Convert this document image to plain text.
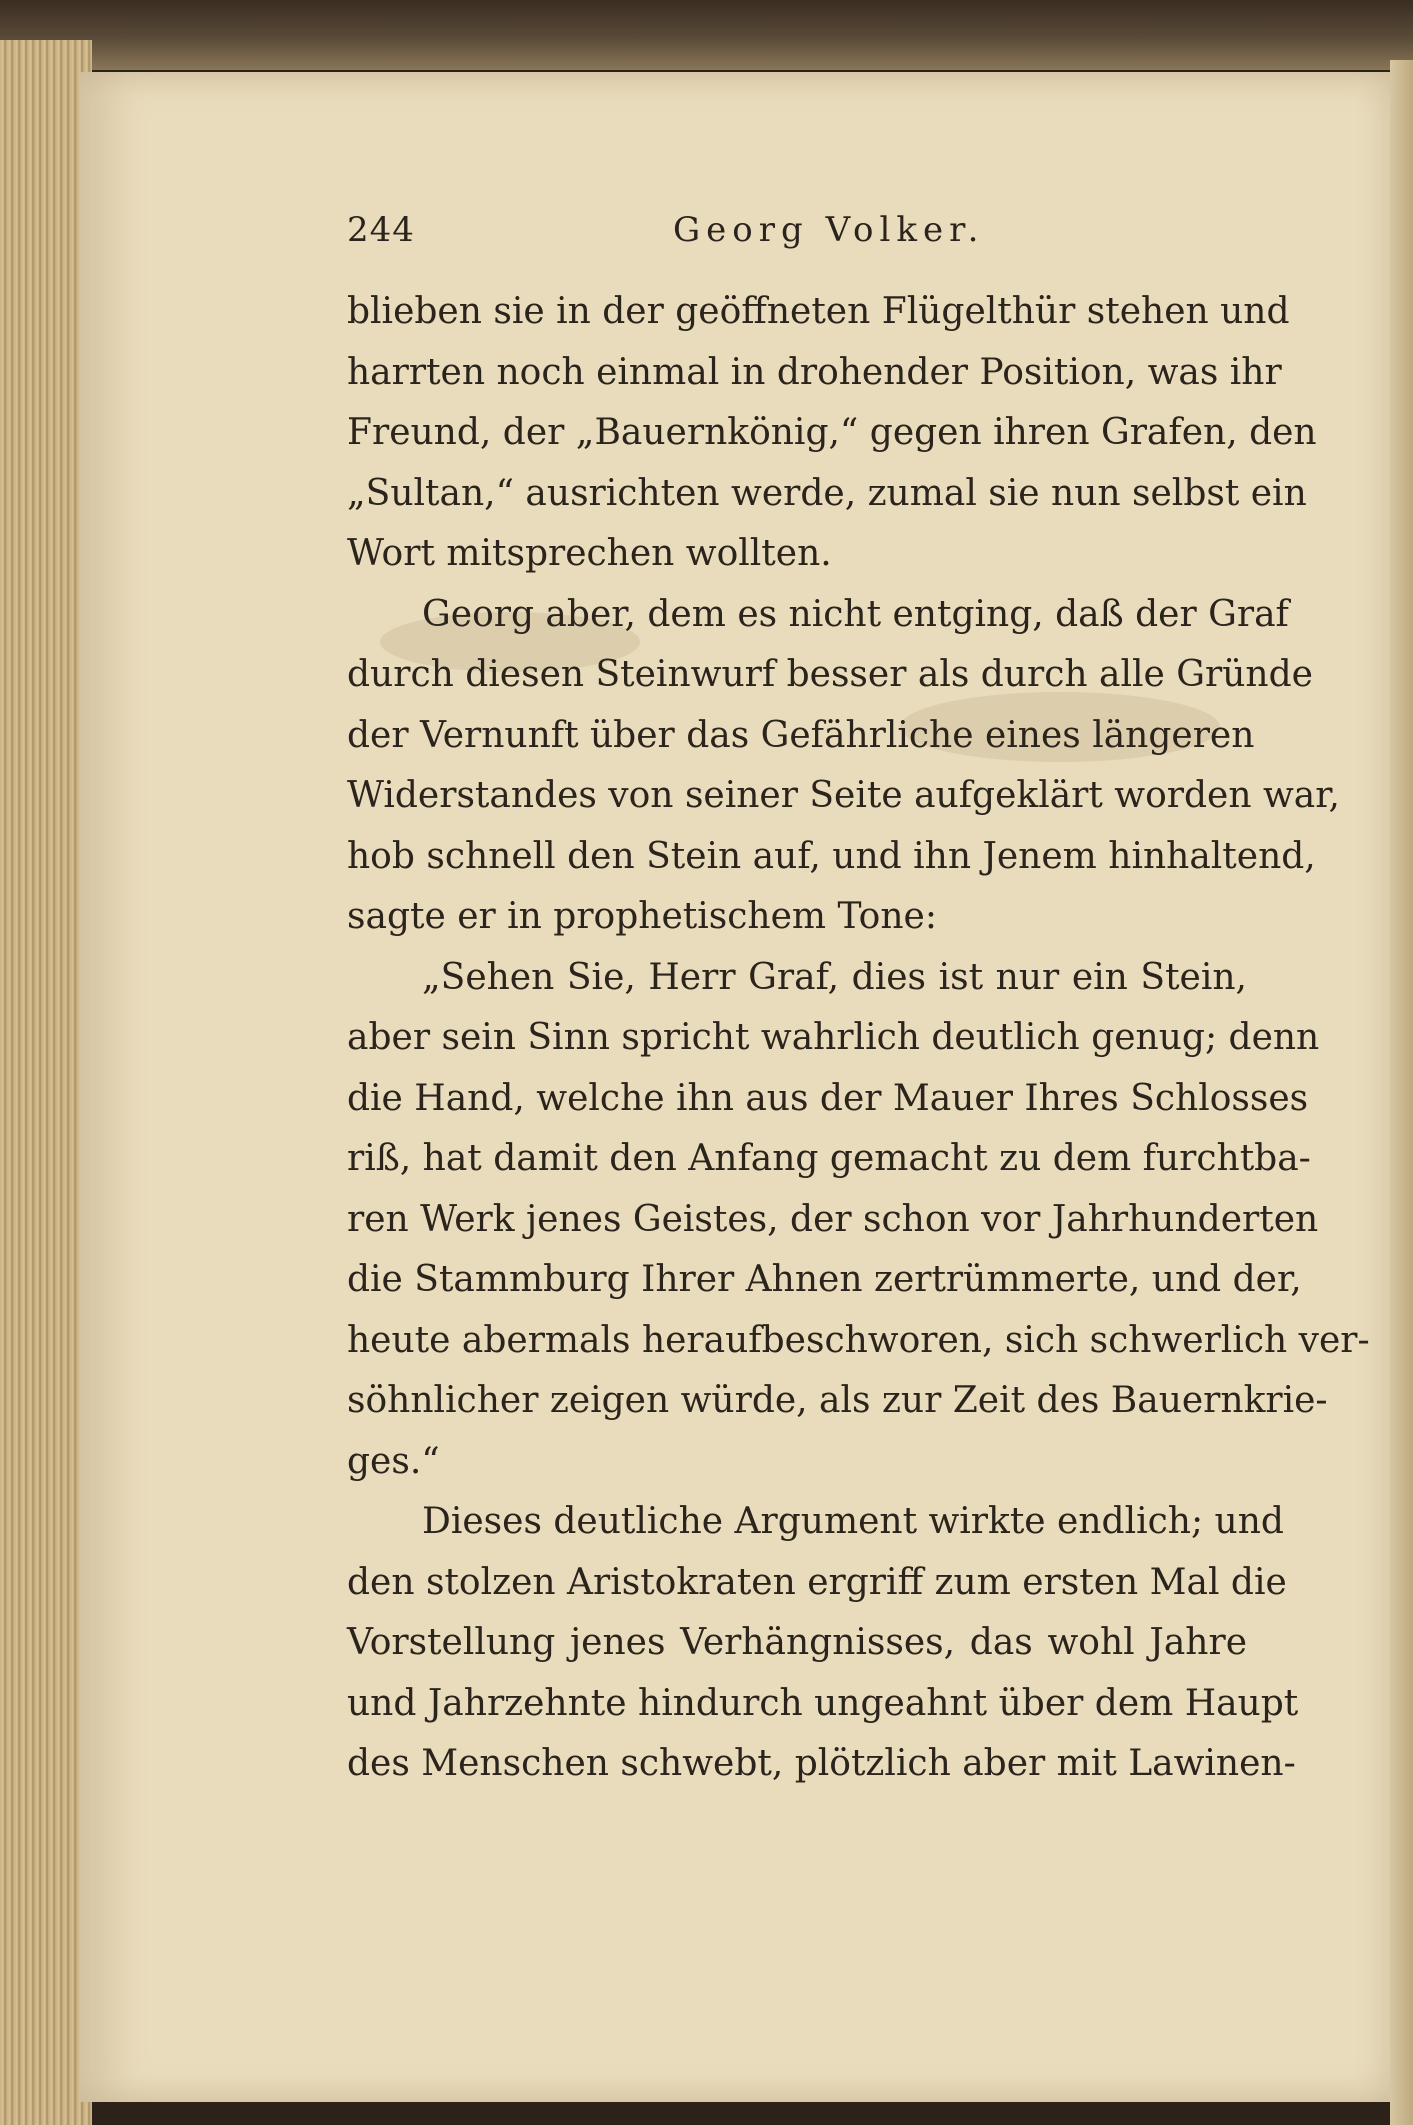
244	Georg Volker.
blieben sie in der geöffneten Flügelthür stehen und
harrten noch einmal in drohender Position, was ihr
Freund, der „Bauernkönig,“ gegen ihren Grafen, den
„Sultan,“ ausrichten werde, zumal sie nun selbst ein
Wort mitsprechen wollten.
Georg aber, dem es nicht entging, daß der Graf
durch diesen Steinwurf besser als durch alle Gründe
der Vernunft über das Gefährliche eines längeren
Widerstandes von seiner Seite aufgeklärt worden war,
hob schnell den Stein auf, und ihn Jenem hinhaltend,
sagte er in prophetischem Tone:
„Sehen Sie, Herr Graf, dies ist nur ein Stein,
aber sein Sinn spricht wahrlich deutlich genug; denn
die Hand, welche ihn aus der Mauer Ihres Schlosses
riß, hat damit den Anfang gemacht zu dem furchtba-
ren Werk jenes Geistes, der schon vor Jahrhunderten
die Stammburg Ihrer Ahnen zertrümmerte, und der,
heute abermals heraufbeschworen, sich schwerlich ver-
söhnlicher zeigen würde, als zur Zeit des Bauernkrie-
ges.“
Dieses deutliche Argument wirkte endlich; und
den stolzen Aristokraten ergriff zum ersten Mal die
Vorstellung jenes Verhängnisses, das wohl Jahre
und Jahrzehnte hindurch ungeahnt über dem Haupt
des Menschen schwebt, plötzlich aber mit Lawinen-
